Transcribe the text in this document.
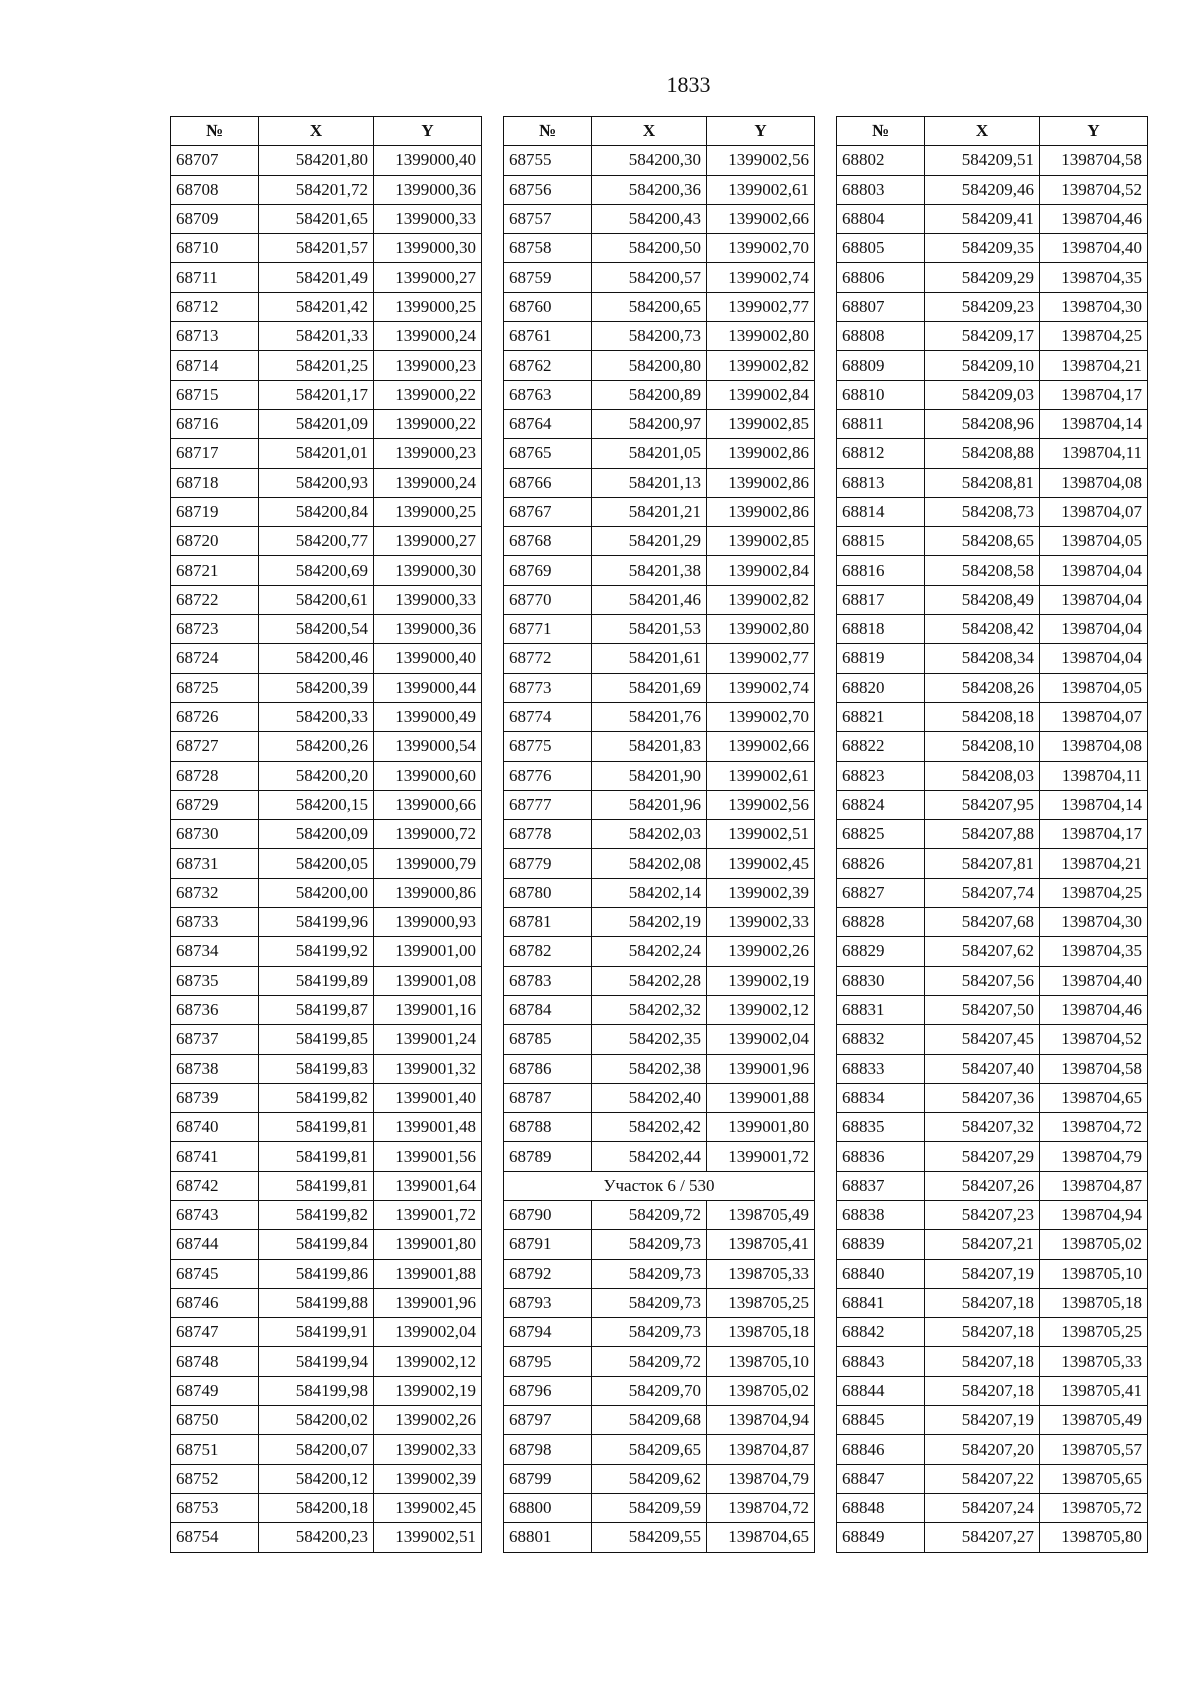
1833
№	X	Y
68707	584201,80	1399000,40
68708	584201,72	1399000,36
68709	584201,65	1399000,33
68710	584201,57	1399000,30
68711	584201,49	1399000,27
68712	584201,42	1399000,25
68713	584201,33	1399000,24
68714	584201,25	1399000,23
68715	584201,17	1399000,22
68716	584201,09	1399000,22
68717	584201,01	1399000,23
68718	584200,93	1399000,24
68719	584200,84	1399000,25
68720	584200,77	1399000,27
68721	584200,69	1399000,30
68722	584200,61	1399000,33
68723	584200,54	1399000,36
68724	584200,46	1399000,40
68725	584200,39	1399000,44
68726	584200,33	1399000,49
68727	584200,26	1399000,54
68728	584200,20	1399000,60
68729	584200,15	1399000,66
68730	584200,09	1399000,72
68731	584200,05	1399000,79
68732	584200,00	1399000,86
68733	584199,96	1399000,93
68734	584199,92	1399001,00
68735	584199,89	1399001,08
68736	584199,87	1399001,16
68737	584199,85	1399001,24
68738	584199,83	1399001,32
68739	584199,82	1399001,40
68740	584199,81	1399001,48
68741	584199,81	1399001,56
68742	584199,81	1399001,64
68743	584199,82	1399001,72
68744	584199,84	1399001,80
68745	584199,86	1399001,88
68746	584199,88	1399001,96
68747	584199,91	1399002,04
68748	584199,94	1399002,12
68749	584199,98	1399002,19
68750	584200,02	1399002,26
68751	584200,07	1399002,33
68752	584200,12	1399002,39
68753	584200,18	1399002,45
68754	584200,23	1399002,51
№	X	Y
68755	584200,30	1399002,56
68756	584200,36	1399002,61
68757	584200,43	1399002,66
68758	584200,50	1399002,70
68759	584200,57	1399002,74
68760	584200,65	1399002,77
68761	584200,73	1399002,80
68762	584200,80	1399002,82
68763	584200,89	1399002,84
68764	584200,97	1399002,85
68765	584201,05	1399002,86
68766	584201,13	1399002,86
68767	584201,21	1399002,86
68768	584201,29	1399002,85
68769	584201,38	1399002,84
68770	584201,46	1399002,82
68771	584201,53	1399002,80
68772	584201,61	1399002,77
68773	584201,69	1399002,74
68774	584201,76	1399002,70
68775	584201,83	1399002,66
68776	584201,90	1399002,61
68777	584201,96	1399002,56
68778	584202,03	1399002,51
68779	584202,08	1399002,45
68780	584202,14	1399002,39
68781	584202,19	1399002,33
68782	584202,24	1399002,26
68783	584202,28	1399002,19
68784	584202,32	1399002,12
68785	584202,35	1399002,04
68786	584202,38	1399001,96
68787	584202,40	1399001,88
68788	584202,42	1399001,80
68789	584202,44	1399001,72
Участок 6 / 530		
68790	584209,72	1398705,49
68791	584209,73	1398705,41
68792	584209,73	1398705,33
68793	584209,73	1398705,25
68794	584209,73	1398705,18
68795	584209,72	1398705,10
68796	584209,70	1398705,02
68797	584209,68	1398704,94
68798	584209,65	1398704,87
68799	584209,62	1398704,79
68800	584209,59	1398704,72
68801	584209,55	1398704,65
№	X	Y
68802	584209,51	1398704,58
68803	584209,46	1398704,52
68804	584209,41	1398704,46
68805	584209,35	1398704,40
68806	584209,29	1398704,35
68807	584209,23	1398704,30
68808	584209,17	1398704,25
68809	584209,10	1398704,21
68810	584209,03	1398704,17
68811	584208,96	1398704,14
68812	584208,88	1398704,11
68813	584208,81	1398704,08
68814	584208,73	1398704,07
68815	584208,65	1398704,05
68816	584208,58	1398704,04
68817	584208,49	1398704,04
68818	584208,42	1398704,04
68819	584208,34	1398704,04
68820	584208,26	1398704,05
68821	584208,18	1398704,07
68822	584208,10	1398704,08
68823	584208,03	1398704,11
68824	584207,95	1398704,14
68825	584207,88	1398704,17
68826	584207,81	1398704,21
68827	584207,74	1398704,25
68828	584207,68	1398704,30
68829	584207,62	1398704,35
68830	584207,56	1398704,40
68831	584207,50	1398704,46
68832	584207,45	1398704,52
68833	584207,40	1398704,58
68834	584207,36	1398704,65
68835	584207,32	1398704,72
68836	584207,29	1398704,79
68837	584207,26	1398704,87
68838	584207,23	1398704,94
68839	584207,21	1398705,02
68840	584207,19	1398705,10
68841	584207,18	1398705,18
68842	584207,18	1398705,25
68843	584207,18	1398705,33
68844	584207,18	1398705,41
68845	584207,19	1398705,49
68846	584207,20	1398705,57
68847	584207,22	1398705,65
68848	584207,24	1398705,72
68849	584207,27	1398705,80
